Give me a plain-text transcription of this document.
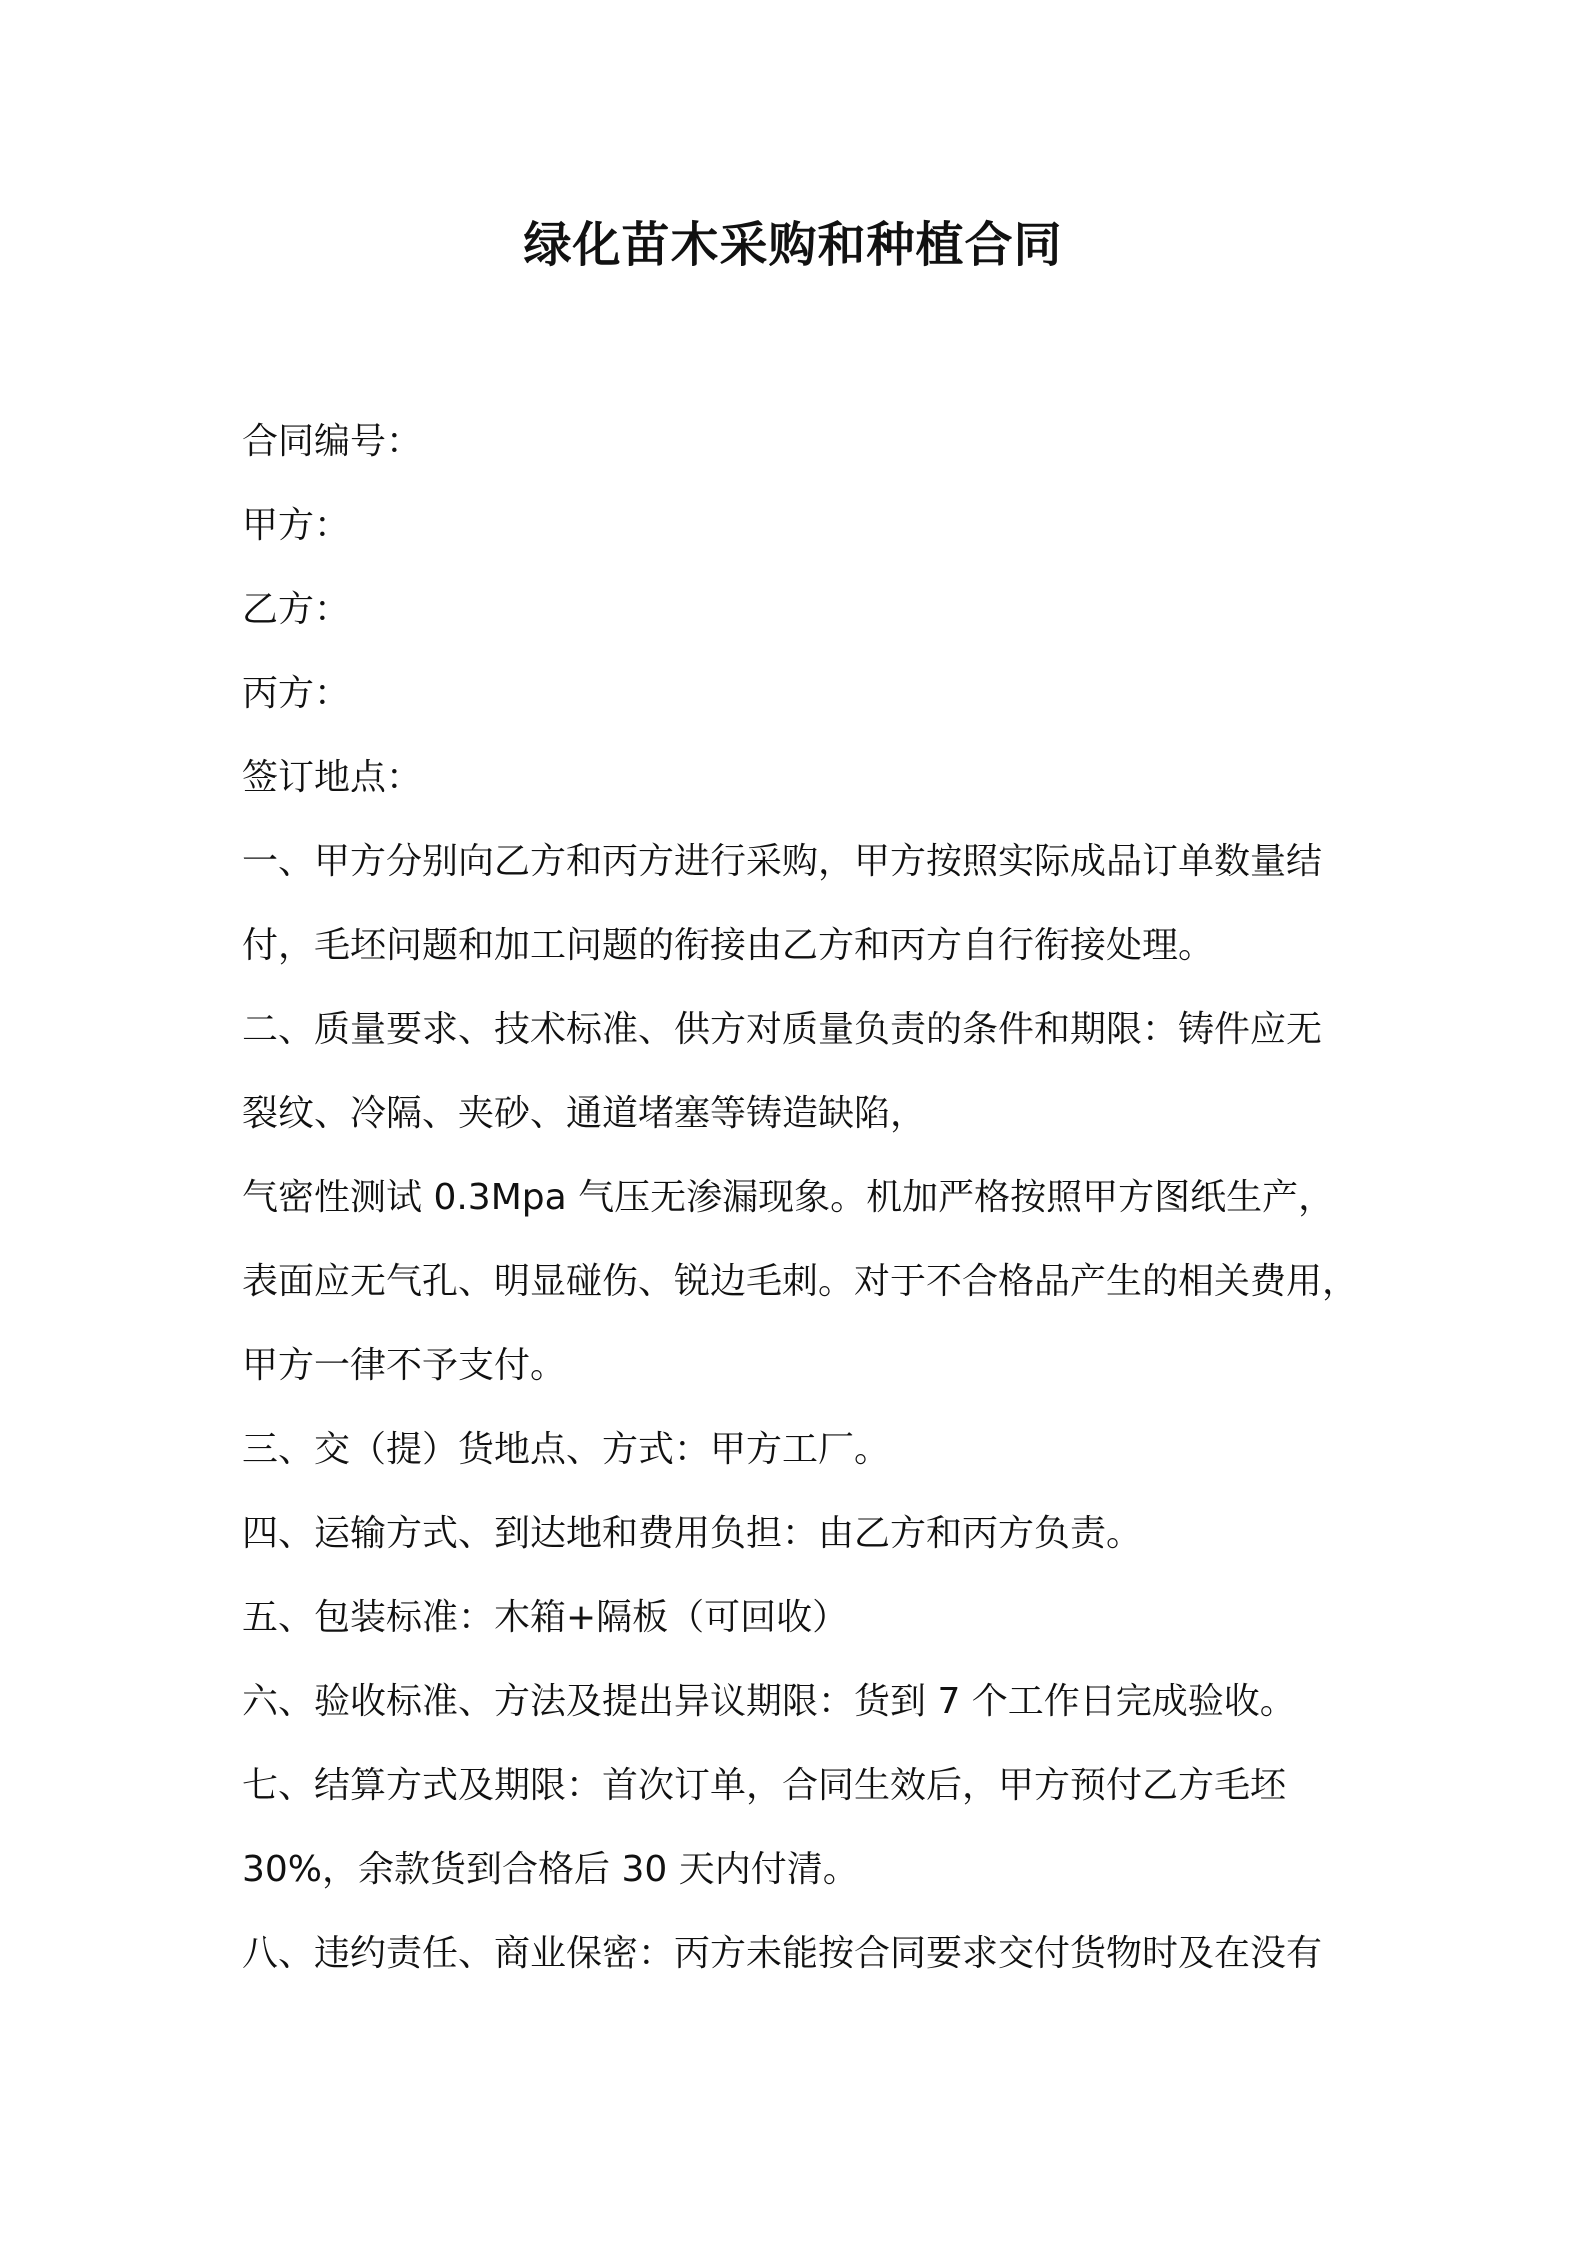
绿化苗木采购和种植合同
合同编号：
甲方：
乙方：
丙方：
签订地点：
一、甲方分别向乙方和丙方进行采购，甲方按照实际成品订单数量结
付，毛坯问题和加工问题的衔接由乙方和丙方自行衔接处理。
二、质量要求、技术标准、供方对质量负责的条件和期限：铸件应无
裂纹、冷隔、夹砂、通道堵塞等铸造缺陷，
气密性测试 0.3Mpa 气压无渗漏现象。机加严格按照甲方图纸生产，
表面应无气孔、明显碰伤、锐边毛刺。对于不合格品产生的相关费用，
甲方一律不予支付。
三、交（提）货地点、方式：甲方工厂。
四、运输方式、到达地和费用负担：由乙方和丙方负责。
五、包装标准：木箱+隔板（可回收）
六、验收标准、方法及提出异议期限：货到 7 个工作日完成验收。
七、结算方式及期限：首次订单，合同生效后，甲方预付乙方毛坯
30%，余款货到合格后 30 天内付清。
八、违约责任、商业保密：丙方未能按合同要求交付货物时及在没有
